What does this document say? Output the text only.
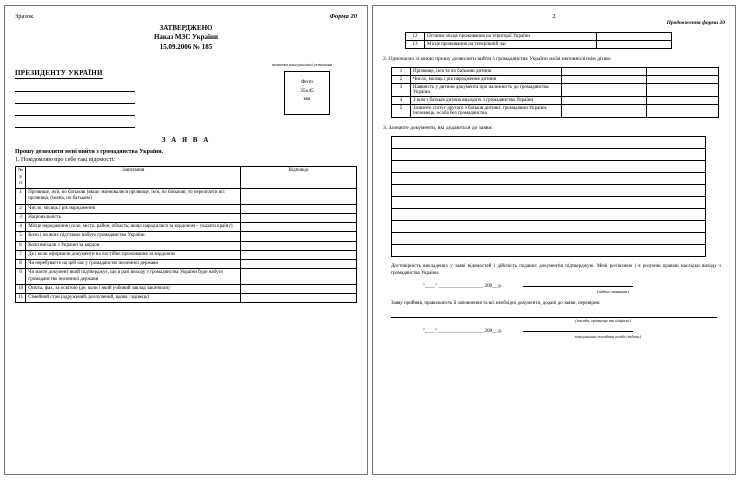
Зразок	Форма 20
ЗАТВЕРДЖЕНО
Наказ МЗС України
15.09.2006 № 185
ПРЕЗИДЕНТУ УКРАЇНИ
печатка консульської установи
Фото
35х45
мм
З А Я В А
Прошу дозволити мені вийти з громадянства України.
1. Повідомляю про себе такі відомості:
№ з/п	Запитання	Відповіді
1	Прізвище, ім'я, по батькові (якщо змінювалися прізвище, ім'я, по батькові, то перелічити всі прізвища, (імена, по батькові)	
2	Число, місяць і рік народження	
3	Національність	
4	Місце народження (село, місто, район, область; якщо народилися за кордоном – указати країну)	
5	Коли і на яких підставах набуто громадянство України	
6	Коли виїхали з України за кордон	
7	Де і коли оформили документи на постійне проживання за кордоном	
8	Чи перебуваєте на цей час у громадянстві іноземної держави	
9	Чи маєте документ який підтверджує, що в разі виходу з громадянства України буде набуто громадянство іноземної держави	
10	Освіта, фах, за освітою (де, коли і який учбовий заклад закінчили)	
11	Сімейний стан (одружений, розлучений, вдова / вдівець)	
2
Продовження форми 20
12	Останнє місце проживання на території України	
13	Місце проживання на теперішній час	
2. Одночасно зі мною прошу дозволити вийти з громадянства України моїм неповнолітнім дітям:
1	Прізвище, ім'я та по батькові дитини		
2	Число, місяць і рік народження дитини		
3	Наявність у дитини документа про належність до громадянства України		
4	З ким з батьків дитина виходить з громадянства України		
5	Зазначте статус другого з батьків дитини: громадянин України, іноземець, особа без громадянства		
3. Зазначте документи, які додаються до заяви:

Достовірність викладених у заяві відомостей і дійсність поданих документів підтверджую. Мені роз'яснено і я розумію правові наслідки виходу з громадянства України.
"____" __________________ 200__ р.
(підпис заявника)
Заяву прийняв, правильність її заповнення та всі необхідні документи, додані до заяви, перевірив:
(посада, прізвище та ініціали)
"____" __________________ 200__ р.
консульська посадова особа (підпис)
